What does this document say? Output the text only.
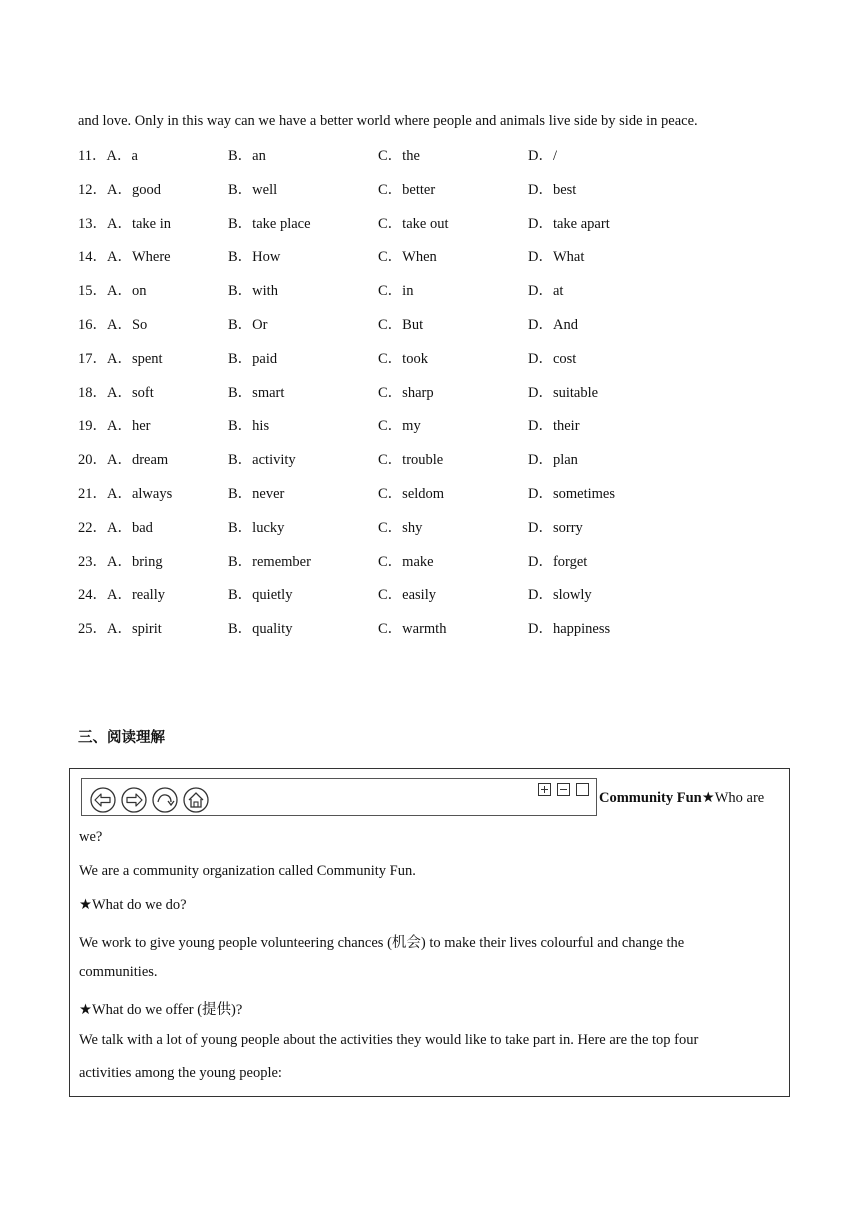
and love. Only in this way can we have a better world where people and animals live side by side in peace.
11．A．a	B．an	C．the	D．/
12．A．good	B．well	C．better	D．best
13．A．take in	B．take place	C．take out	D．take apart
14．A．Where	B．How	C．When	D．What
15．A．on	B．with	C．in	D．at
16．A．So	B．Or	C．But	D．And
17．A．spent	B．paid	C．took	D．cost
18．A．soft	B．smart	C．sharp	D．suitable
19．A．her	B．his	C．my	D．their
20．A．dream	B．activity	C．trouble	D．plan
21．A．always	B．never	C．seldom	D．sometimes
22．A．bad	B．lucky	C．shy	D．sorry
23．A．bring	B．remember	C．make	D．forget
24．A．really	B．quietly	C．easily	D．slowly
25．A．spirit	B．quality	C．warmth	D．happiness
三、阅读理解
Community Fun★Who are
we?
We are a community organization called Community Fun.
★What do we do?
We work to give young people volunteering chances (机会) to make their lives colourful and change the
communities.
★What do we offer (提供)?
We talk with a lot of young people about the activities they would like to take part in. Here are the top four
activities among the young people:
